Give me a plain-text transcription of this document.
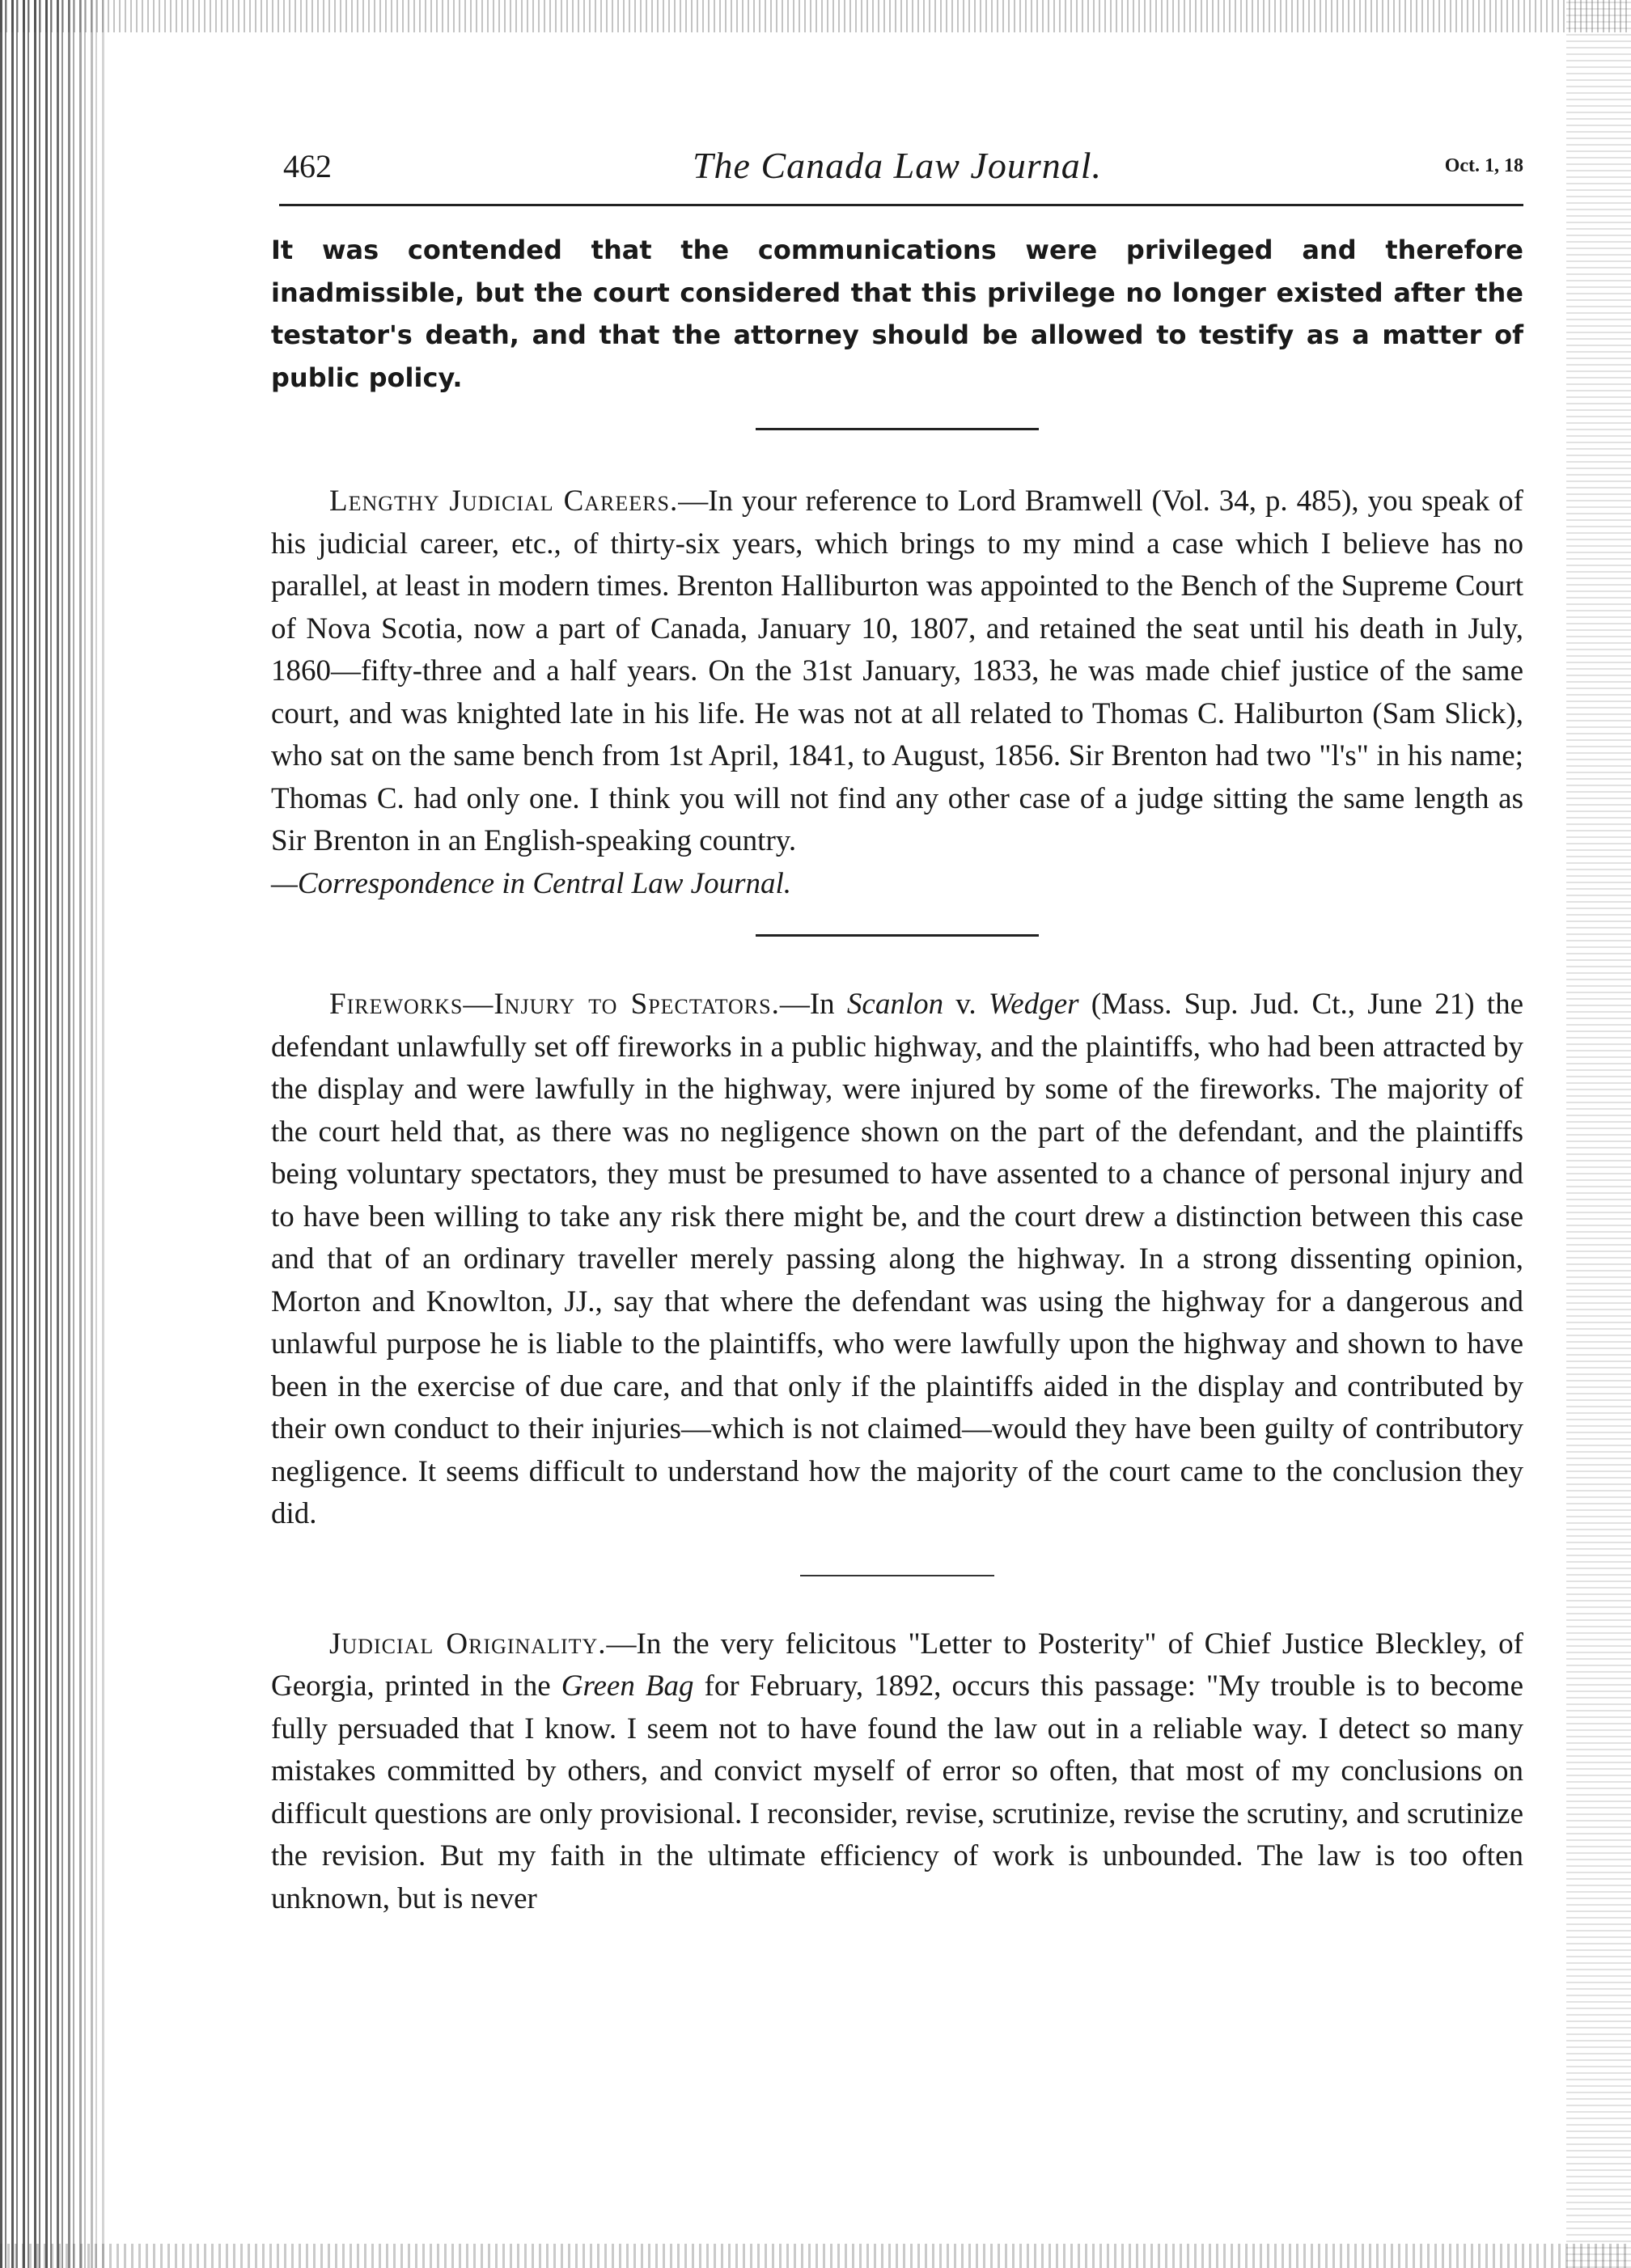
462	The Canada Law Journal.	Oct. 1, 18

It was contended that the communications were privileged and therefore inadmissible, but the court considered that this privilege no longer existed after the testator's death, and that the attorney should be allowed to testify as a matter of public policy.

Lengthy Judicial Careers.—In your reference to Lord Bramwell (Vol. 34, p. 485), you speak of his judicial career, etc., of thirty-six years, which brings to my mind a case which I believe has no parallel, at least in modern times. Brenton Halliburton was appointed to the Bench of the Supreme Court of Nova Scotia, now a part of Canada, January 10, 1807, and retained the seat until his death in July, 1860—fifty-three and a half years. On the 31st January, 1833, he was made chief justice of the same court, and was knighted late in his life. He was not at all related to Thomas C. Haliburton (Sam Slick), who sat on the same bench from 1st April, 1841, to August, 1856. Sir Brenton had two "l's" in his name; Thomas C. had only one. I think you will not find any other case of a judge sitting the same length as Sir Brenton in an English-speaking country.
—Correspondence in Central Law Journal.

Fireworks—Injury to Spectators.—In Scanlon v. Wedger (Mass. Sup. Jud. Ct., June 21) the defendant unlawfully set off fireworks in a public highway, and the plaintiffs, who had been attracted by the display and were lawfully in the highway, were injured by some of the fireworks. The majority of the court held that, as there was no negligence shown on the part of the defendant, and the plaintiffs being voluntary spectators, they must be presumed to have assented to a chance of personal injury and to have been willing to take any risk there might be, and the court drew a distinction between this case and that of an ordinary traveller merely passing along the highway. In a strong dissenting opinion, Morton and Knowlton, JJ., say that where the defendant was using the highway for a dangerous and unlawful purpose he is liable to the plaintiffs, who were lawfully upon the highway and shown to have been in the exercise of due care, and that only if the plaintiffs aided in the display and contributed by their own conduct to their injuries—which is not claimed—would they have been guilty of contributory negligence. It seems difficult to understand how the majority of the court came to the conclusion they did.

Judicial Originality.—In the very felicitous "Letter to Posterity" of Chief Justice Bleckley, of Georgia, printed in the Green Bag for February, 1892, occurs this passage: "My trouble is to become fully persuaded that I know. I seem not to have found the law out in a reliable way. I detect so many mistakes committed by others, and convict myself of error so often, that most of my conclusions on difficult questions are only provisional. I reconsider, revise, scrutinize, revise the scrutiny, and scrutinize the revision. But my faith in the ultimate efficiency of work is unbounded. The law is too often unknown, but is never
